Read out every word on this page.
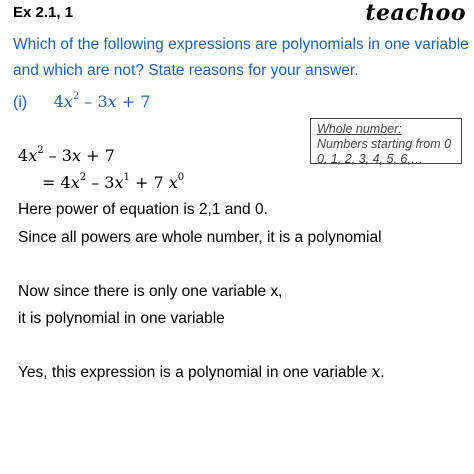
Ex 2.1, 1	teachoo
Which of the following expressions are polynomials in one variable
and which are not? State reasons for your answer.
(i) $4x^2 - 3x + 7$
Whole number:
Numbers starting from 0 0, 1, 2, 3, 4, 5, 6,…
$4x^2 - 3x + 7$
= $4x^2 - 3x^1 + 7$ $x^0$
Here power of equation is 2,1 and 0.
Since all powers are whole number, it is a polynomial
Now since there is only one variable x,
it is polynomial in one variable
Yes, this expression is a polynomial in one variable x.
